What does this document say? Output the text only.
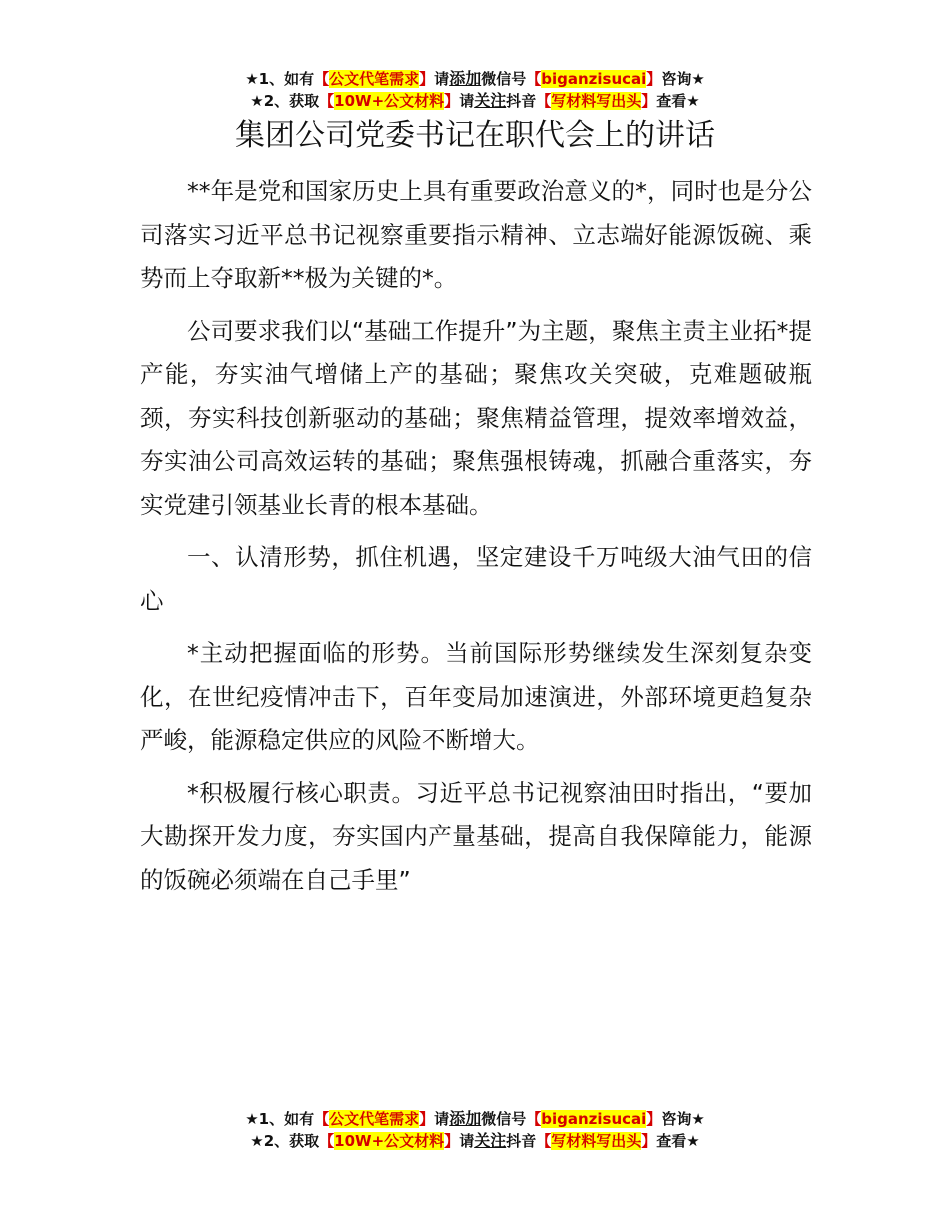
★1、如有【公文代笔需求】请添加微信号【biganzisucai】咨询★
★2、获取【10W+公文材料】请关注抖音【写材料写出头】查看★
集团公司党委书记在职代会上的讲话

**年是党和国家历史上具有重要政治意义的*，同时也是分公司落实习近平总书记视察重要指示精神、立志端好能源饭碗、乘势而上夺取新**极为关键的*。

公司要求我们以“基础工作提升”为主题，聚焦主责主业拓*提产能，夯实油气增储上产的基础；聚焦攻关突破，克难题破瓶颈，夯实科技创新驱动的基础；聚焦精益管理，提效率增效益，夯实油公司高效运转的基础；聚焦强根铸魂，抓融合重落实，夯实党建引领基业长青的根本基础。

一、认清形势，抓住机遇，坚定建设千万吨级大油气田的信心

*主动把握面临的形势。当前国际形势继续发生深刻复杂变化，在世纪疫情冲击下，百年变局加速演进，外部环境更趋复杂严峻，能源稳定供应的风险不断增大。

*积极履行核心职责。习近平总书记视察油田时指出，“要加大勘探开发力度，夯实国内产量基础，提高自我保障能力，能源的饭碗必须端在自己手里”

★1、如有【公文代笔需求】请添加微信号【biganzisucai】咨询★
★2、获取【10W+公文材料】请关注抖音【写材料写出头】查看★
